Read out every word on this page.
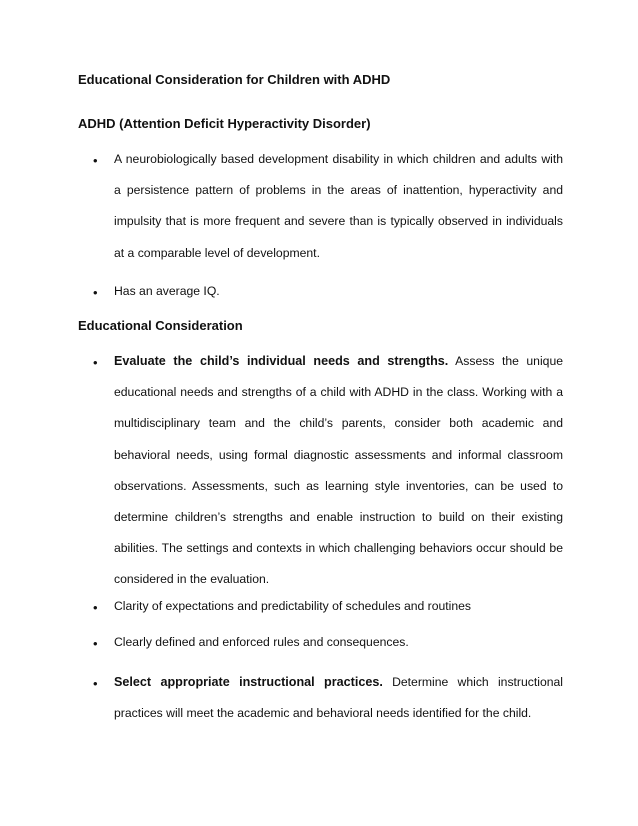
Educational Consideration for Children with ADHD
ADHD (Attention Deficit Hyperactivity Disorder)
• A neurobiologically based development disability in which children and adults with a persistence pattern of problems in the areas of inattention, hyperactivity and impulsity that is more frequent and severe than is typically observed in individuals at a comparable level of development.

• Has an average IQ.

Educational Consideration
• Evaluate the child’s individual needs and strengths. Assess the unique educational needs and strengths of a child with ADHD in the class. Working with a multidisciplinary team and the child’s parents, consider both academic and behavioral needs, using formal diagnostic assessments and informal classroom observations. Assessments, such as learning style inventories, can be used to determine children’s strengths and enable instruction to build on their existing abilities. The settings and contexts in which challenging behaviors occur should be considered in the evaluation.

• Clarity of expectations and predictability of schedules and routines

• Clearly defined and enforced rules and consequences.

• Select appropriate instructional practices. Determine which instructional practices will meet the academic and behavioral needs identified for the child.
